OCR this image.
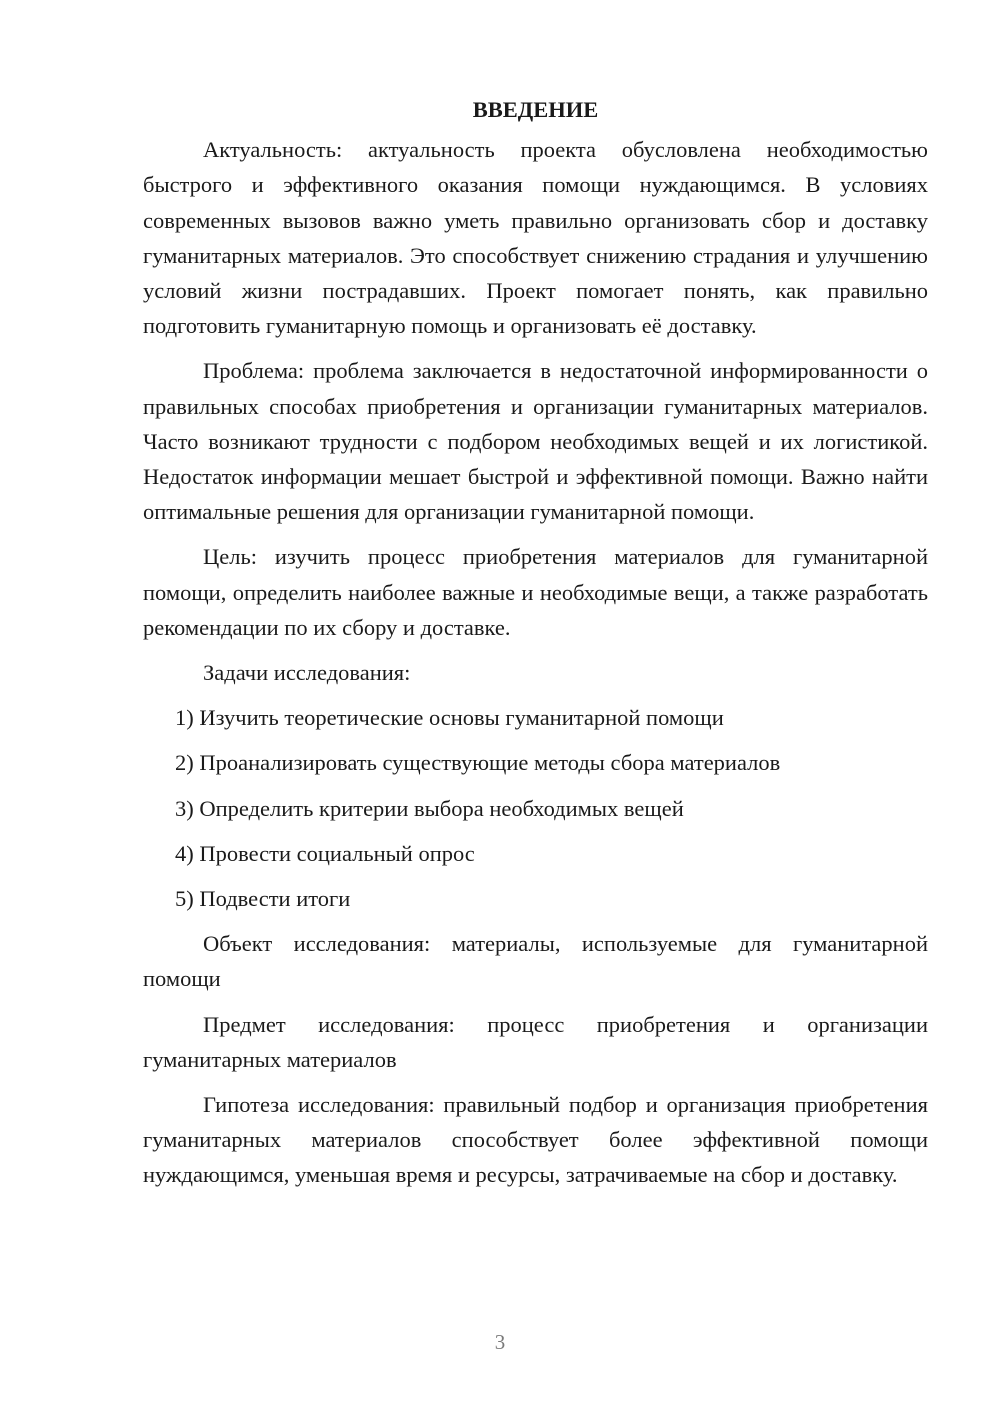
ВВЕДЕНИЕ

Актуальность: актуальность проекта обусловлена необходимостью быстрого и эффективного оказания помощи нуждающимся. В условиях современных вызовов важно уметь правильно организовать сбор и доставку гуманитарных материалов. Это способствует снижению страдания и улучшению условий жизни пострадавших. Проект помогает понять, как правильно подготовить гуманитарную помощь и организовать её доставку.

Проблема: проблема заключается в недостаточной информированности о правильных способах приобретения и организации гуманитарных материалов. Часто возникают трудности с подбором необходимых вещей и их логистикой. Недостаток информации мешает быстрой и эффективной помощи. Важно найти оптимальные решения для организации гуманитарной помощи.

Цель: изучить процесс приобретения материалов для гуманитарной помощи, определить наиболее важные и необходимые вещи, а также разработать рекомендации по их сбору и доставке.

Задачи исследования:

1) Изучить теоретические основы гуманитарной помощи
2) Проанализировать существующие методы сбора материалов
3) Определить критерии выбора необходимых вещей
4) Провести социальный опрос
5) Подвести итоги

Объект исследования: материалы, используемые для гуманитарной помощи

Предмет исследования: процесс приобретения и организации гуманитарных материалов

Гипотеза исследования: правильный подбор и организация приобретения гуманитарных материалов способствует более эффективной помощи нуждающимся, уменьшая время и ресурсы, затрачиваемые на сбор и доставку.

3
